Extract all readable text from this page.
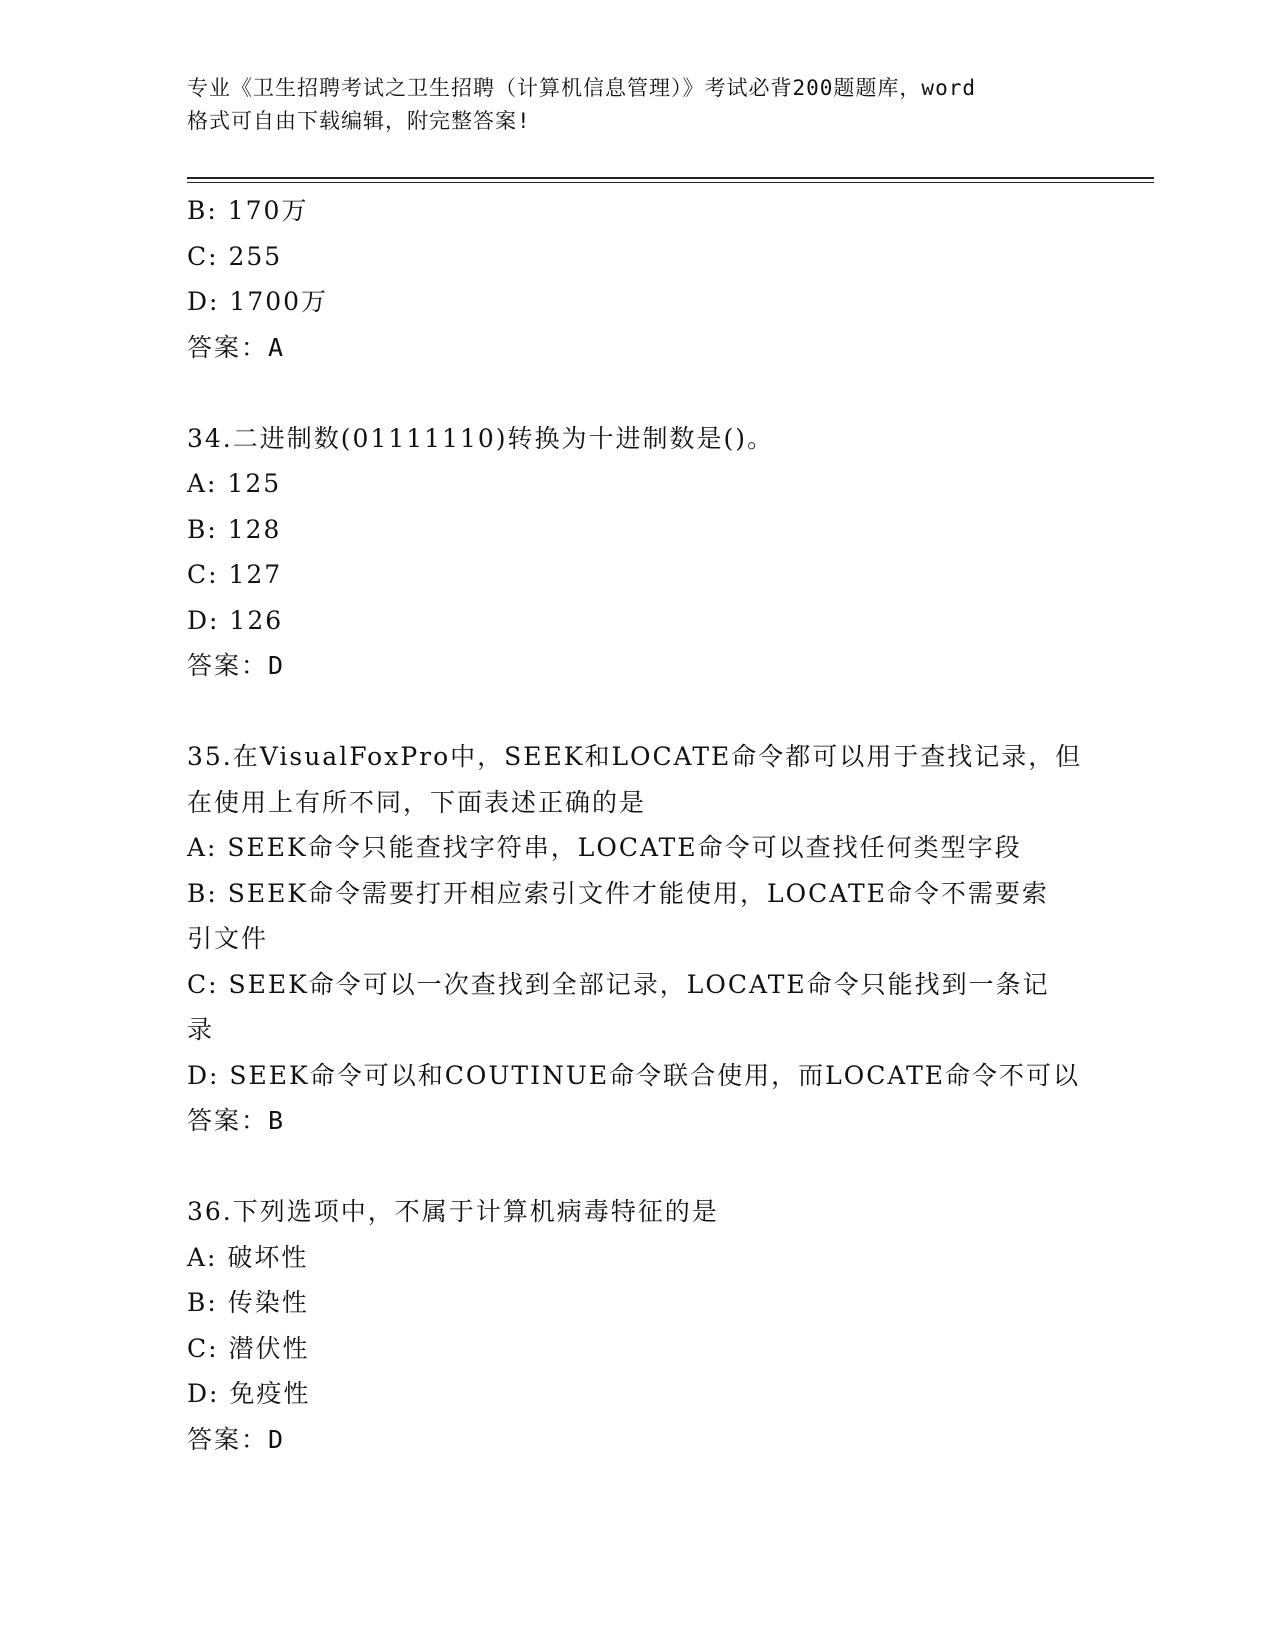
专业《卫生招聘考试之卫生招聘（计算机信息管理）》考试必背200题题库，word
格式可自由下载编辑，附完整答案!
B: 170万
C: 255
D: 1700万
答案：A
34.二进制数(01111110)转换为十进制数是()。
A: 125
B: 128
C: 127
D: 126
答案：D
35.在VisualFoxPro中，SEEK和LOCATE命令都可以用于查找记录，但
在使用上有所不同，下面表述正确的是
A: SEEK命令只能查找字符串，LOCATE命令可以查找任何类型字段
B: SEEK命令需要打开相应索引文件才能使用，LOCATE命令不需要索
引文件
C: SEEK命令可以一次查找到全部记录，LOCATE命令只能找到一条记
录
D: SEEK命令可以和COUTINUE命令联合使用，而LOCATE命令不可以
答案：B
36.下列选项中，不属于计算机病毒特征的是
A: 破坏性
B: 传染性
C: 潜伏性
D: 免疫性
答案：D
